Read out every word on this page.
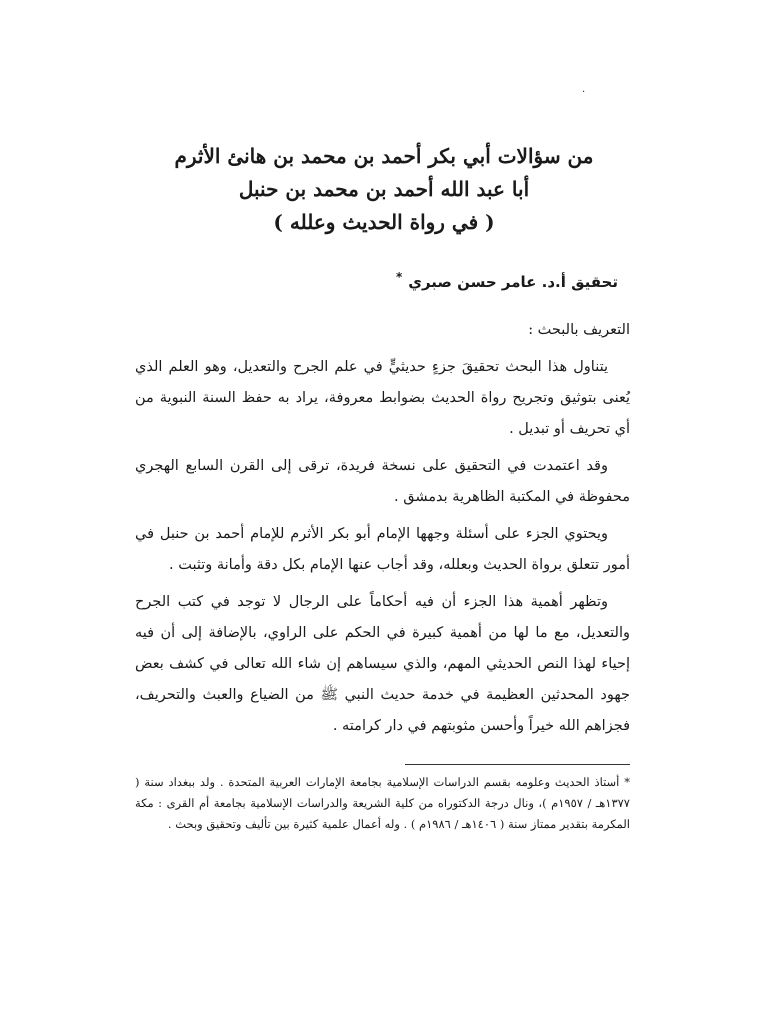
.

من سؤالات أبي بكر أحمد بن محمد بن هانئ الأثرم

أبا عبد الله أحمد بن محمد بن حنبل

( في رواة الحديث وعلله )

تحقيق أ.د. عامر حسن صبري*
التعريف بالبحث :

يتناول هذا البحث تحقيقَ جزءٍ حديثيٍّ في علم الجرح والتعديل، وهو العلم الذي يُعنى بتوثيق وتجريح رواة الحديث بضوابط معروفة، يراد به حفظ السنة النبوية من أي تحريف أو تبديل .

وقد اعتمدت في التحقيق على نسخة فريدة، ترقى إلى القرن السابع الهجري محفوظة في المكتبة الظاهرية بدمشق .

ويحتوي الجزء على أسئلة وجهها الإمام أبو بكر الأثرم للإمام أحمد بن حنبل في أمور تتعلق برواة الحديث وبعلله، وقد أجاب عنها الإمام بكل دقة وأمانة وتثبت .

وتظهر أهمية هذا الجزء أن فيه أحكاماً على الرجال لا توجد في كتب الجرح والتعديل، مع ما لها من أهمية كبيرة في الحكم على الراوي، بالإضافة إلى أن فيه إحياء لهذا النص الحديثي المهم، والذي سيساهم إن شاء الله تعالى في كشف بعض جهود المحدثين العظيمة في خدمة حديث النبي ﷺ من الضياع والعبث والتحريف، فجزاهم الله خيراً وأحسن مثوبتهم في دار كرامته .

* أستاذ الحديث وعلومه بقسم الدراسات الإسلامية بجامعة الإمارات العربية المتحدة . ولد ببغداد سنة ( ١٣٧٧هـ / ١٩٥٧م )، ونال درجة الدكتوراه من كلية الشريعة والدراسات الإسلامية بجامعة أم القرى : مكة المكرمة بتقدير ممتاز سنة ( ١٤٠٦هـ / ١٩٨٦م ) . وله أعمال علمية كثيرة بين تأليف وتحقيق وبحث .
